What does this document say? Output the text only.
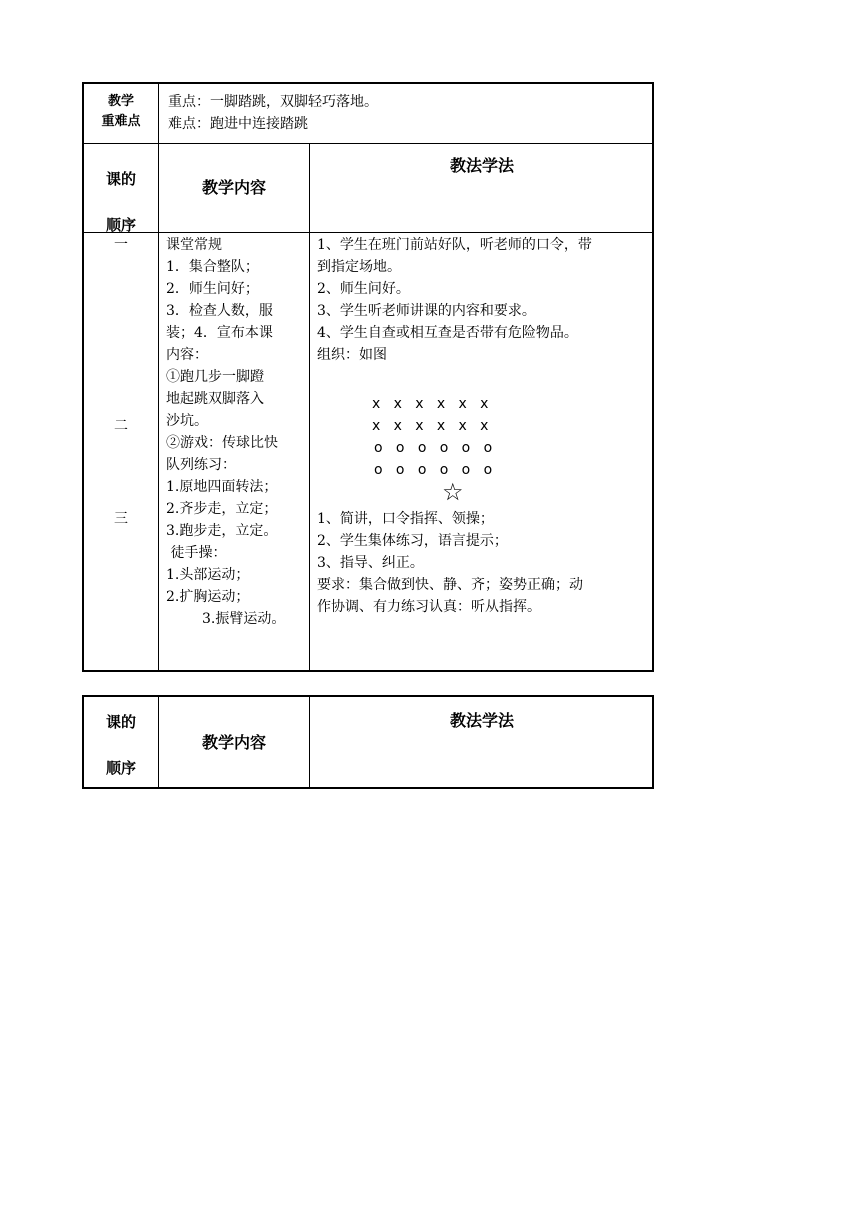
教学
重难点
重点：一脚踏跳，双脚轻巧落地。
难点：跑进中连接踏跳
课的
顺序
教学内容
教法学法
一
二
三
课堂常规
1．集合整队；
2．师生问好；
3．检查人数，服
装；4．宣布本课
内容：
①跑几步一脚蹬
地起跳双脚落入
沙坑。
②游戏：传球比快
队列练习：
1.原地四面转法；
2.齐步走，立定；
3.跑步走，立定。
徒手操：
1.头部运动；
2.扩胸运动；
3.振臂运动。
1、学生在班门前站好队，听老师的口令，带
到指定场地。
2、师生问好。
3、学生听老师讲课的内容和要求。
4、学生自查或相互查是否带有危险物品。
组织：如图
x   x   x   x   x   x
x   x   x   x   x   x
o   o   o   o   o   o
o   o   o   o   o   o
☆
1、简讲，口令指挥、领操；
2、学生集体练习，语言提示；
3、指导、纠正。
要求：集合做到快、静、齐；姿势正确；动
作协调、有力练习认真：听从指挥。
课的
顺序
教学内容
教法学法
